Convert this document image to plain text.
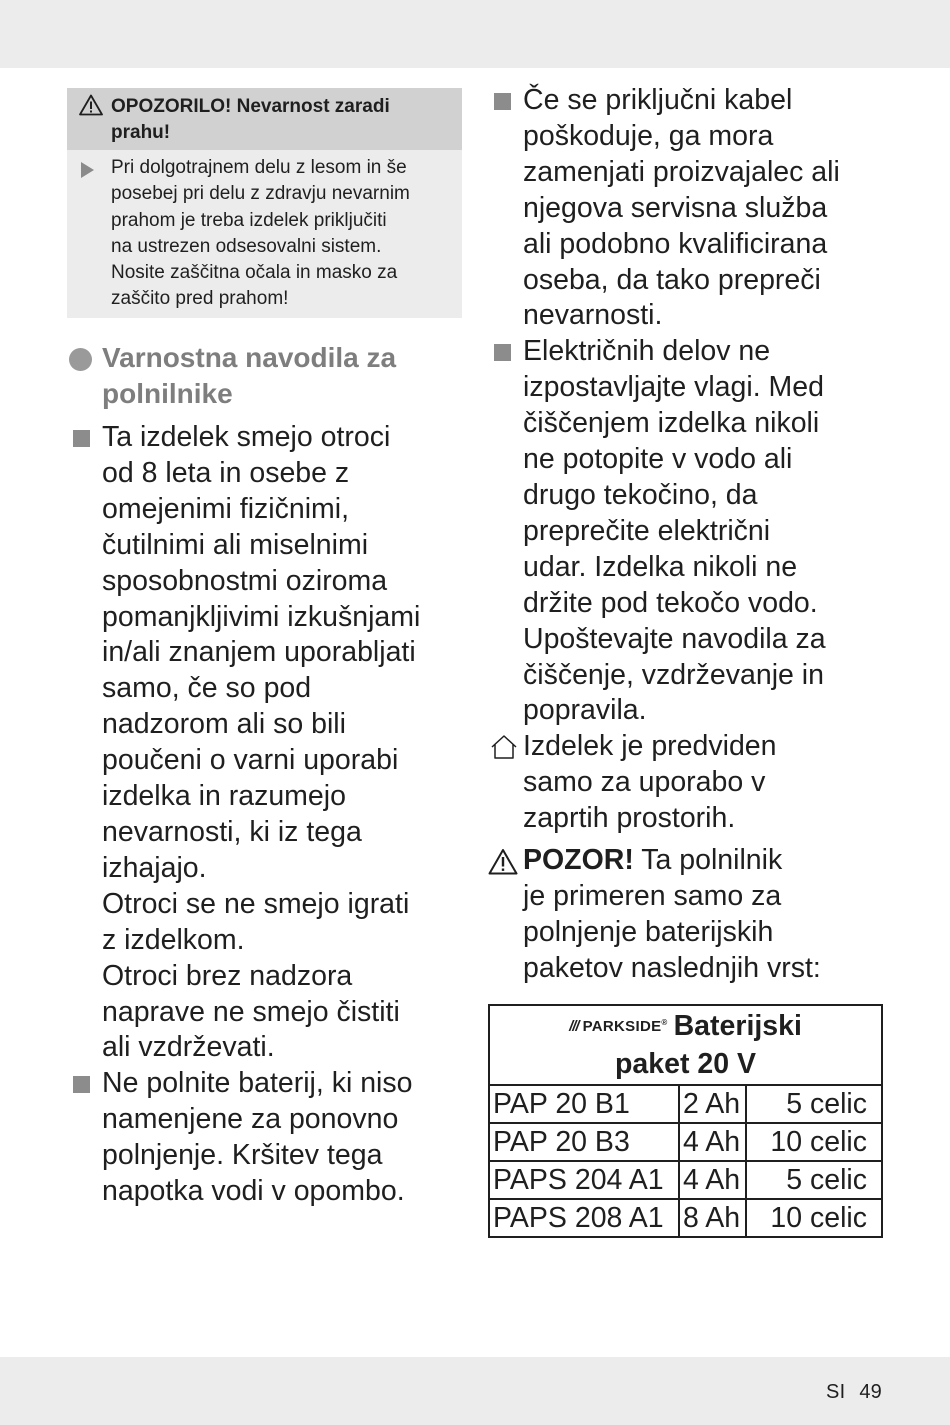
OPOZORILO! Nevarnost zaradi
prahu!
Pri dolgotrajnem delu z lesom in še
posebej pri delu z zdravju nevarnim
prahom je treba izdelek priključiti
na ustrezen odsesovalni sistem.
Nosite zaščitna očala in masko za
zaščito pred prahom!
Varnostna navodila za
polnilnike
Ta izdelek smejo otroci
od 8 leta in osebe z
omejenimi fizičnimi,
čutilnimi ali miselnimi
sposobnostmi oziroma
pomanjkljivimi izkušnjami
in/ali znanjem uporabljati
samo, če so pod
nadzorom ali so bili
poučeni o varni uporabi
izdelka in razumejo
nevarnosti, ki iz tega
izhajajo.
Otroci se ne smejo igrati
z izdelkom.
Otroci brez nadzora
naprave ne smejo čistiti
ali vzdrževati.
Ne polnite baterij, ki niso
namenjene za ponovno
polnjenje. Kršitev tega
napotka vodi v opombo.
Če se priključni kabel
poškoduje, ga mora
zamenjati proizvajalec ali
njegova servisna služba
ali podobno kvalificirana
oseba, da tako prepreči
nevarnosti.
Električnih delov ne
izpostavljajte vlagi. Med
čiščenjem izdelka nikoli
ne potopite v vodo ali
drugo tekočino, da
preprečite električni
udar. Izdelka nikoli ne
držite pod tekočo vodo.
Upoštevajte navodila za
čiščenje, vzdrževanje in
popravila.
Izdelek je predviden
samo za uporabo v
zaprtih prostorih.
POZOR! Ta polnilnik
je primeren samo za
polnjenje baterijskih
paketov naslednjih vrst:
/// PARKSIDE® Baterijski
paket 20 V		
PAP 20 B1	2 Ah	5 celic
PAP 20 B3	4 Ah	10 celic
PAPS 204 A1	4 Ah	5 celic
PAPS 208 A1	8 Ah	10 celic
SI 49
